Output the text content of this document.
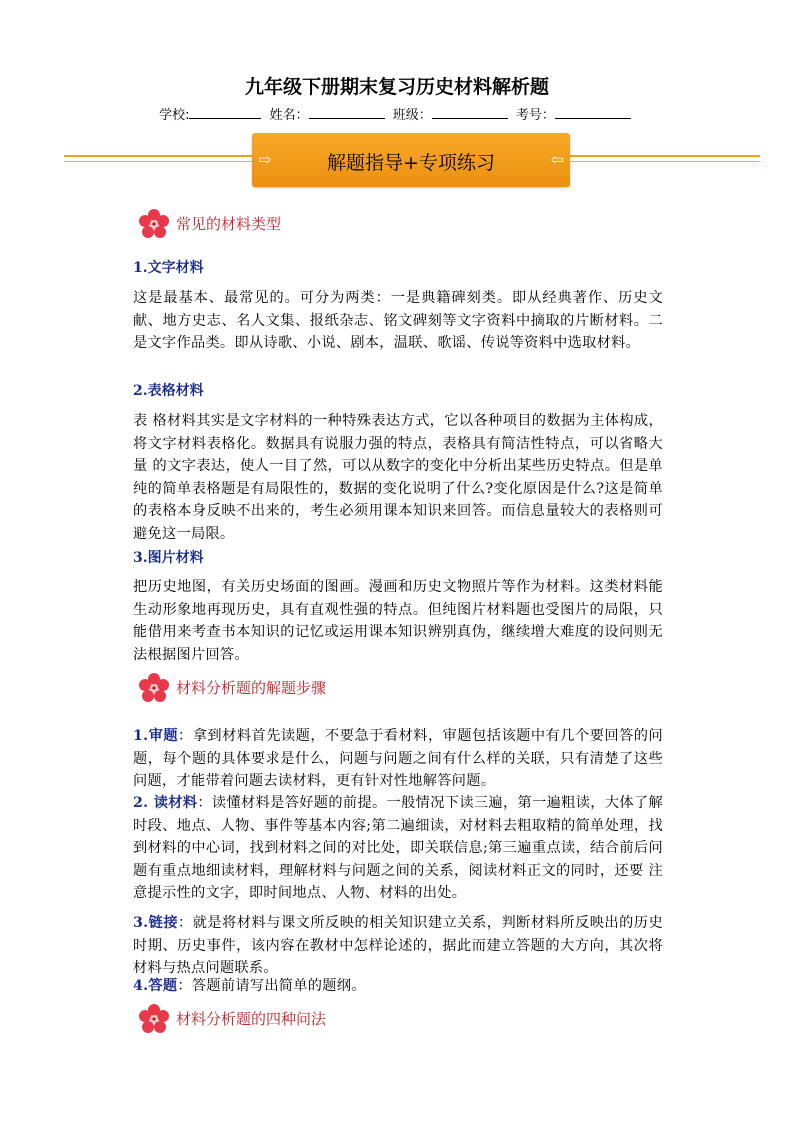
九年级下册期末复习历史材料解析题
学校:	姓名：	班级：	考号：
⇨	解题指导+专项练习	⇦
常见的材料类型
1.文字材料
这是最基本、最常见的。可分为两类：一是典籍碑刻类。即从经典著作、历史文献、地方史志、名人文集、报纸杂志、铭文碑刻等文字资料中摘取的片断材料。二是文字作品类。即从诗歌、小说、剧本，温联、歌谣、传说等资料中选取材料。
2.表格材料
表 格材料其实是文字材料的一种特殊表达方式，它以各种项目的数据为主体构成，将文字材料表格化。数据具有说服力强的特点，表格具有简洁性特点，可以省略大量 的文字表达，使人一目了然，可以从数字的变化中分析出某些历史特点。但是单纯的简单表格题是有局限性的，数据的变化说明了什么?变化原因是什么?这是简单 的表格本身反映不出来的，考生必须用课本知识来回答。而信息量较大的表格则可避免这一局限。
3.图片材料
把历史地图，有关历史场面的图画。漫画和历史文物照片等作为材料。这类材料能生动形象地再现历史，具有直观性强的特点。但纯图片材料题也受图片的局限，只能借用来考查书本知识的记忆或运用课本知识辨别真伪，继续增大难度的设问则无法根据图片回答。
材料分析题的解题步骤
1.审题：拿到材料首先读题，不要急于看材料，审题包括该题中有几个要回答的问题，每个题的具体要求是什么，问题与问题之间有什么样的关联，只有清楚了这些问题，才能带着问题去读材料，更有针对性地解答问题。
2. 读材料：读懂材料是答好题的前提。一般情况下读三遍，第一遍粗读，大体了解时段、地点、人物、事件等基本内容;第二遍细读，对材料去粗取精的简单处理，找 到材料的中心词，找到材料之间的对比处，即关联信息;第三遍重点读，结合前后问题有重点地细读材料，理解材料与问题之间的关系，阅读材料正文的同时，还要 注意提示性的文字，即时间地点、人物、材料的出处。
3.链接：就是将材料与课文所反映的相关知识建立关系，判断材料所反映出的历史时期、历史事件，该内容在教材中怎样论述的，据此而建立答题的大方向，其次将材料与热点问题联系。
4.答题：答题前请写出简单的题纲。
材料分析题的四种问法
